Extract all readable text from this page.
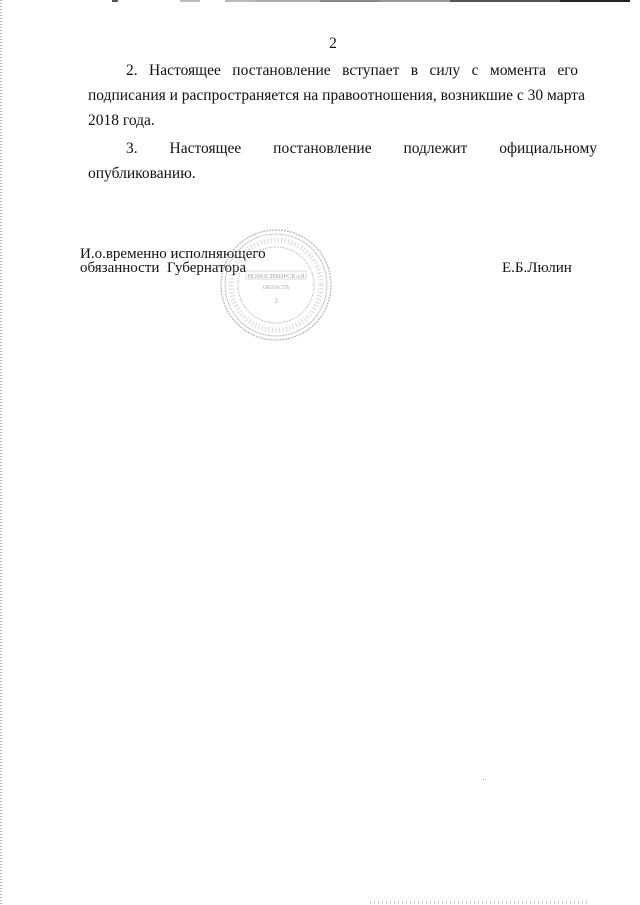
2
2. Настоящее постановление вступает в силу с момента его
подписания и распространяется на правоотношения, возникшие с 30 марта
2018 года.
3. Настоящее постановление подлежит официальному
опубликованию.
И.о.временно исполняющего
обязанности  Губернатора	Е.Б.Люлин
НОВОСИБИРСКАЯ
ОБЛАСТЬ
3
